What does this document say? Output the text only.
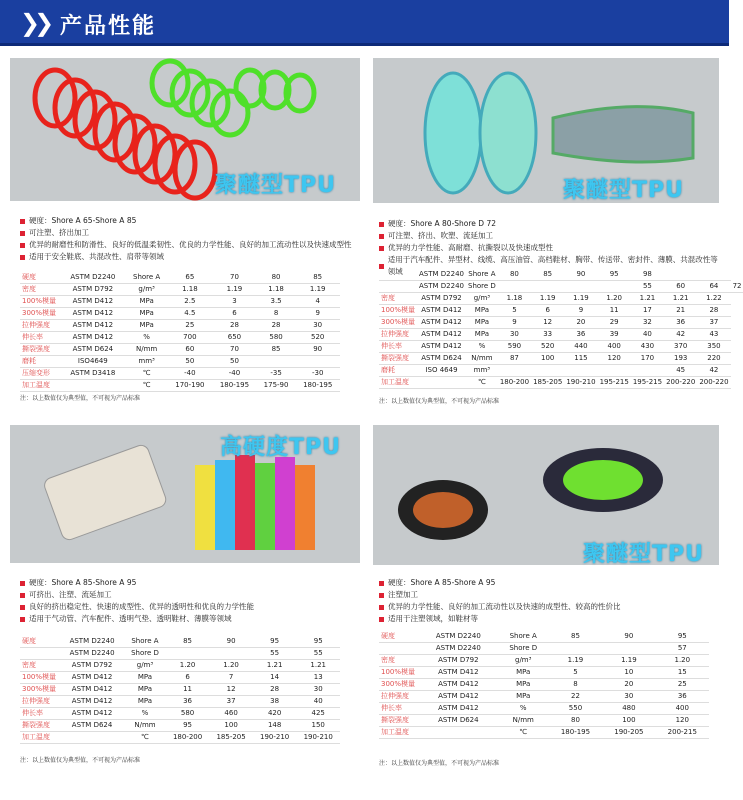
❯❯ 产品性能
聚醚型TPU
硬度：Shore A 65-Shore A 85
可注塑、挤出加工
优异的耐磨性和防滑性、良好的低温柔韧性、优良的力学性能、良好的加工流动性以及快速成型性
适用于安全鞋底、共混改性、肩带等领域
硬度	ASTM D2240	Shore A	65	70	80	85
密度	ASTM D792	g/m³	1.18	1.19	1.18	1.19
100%模量	ASTM D412	MPa	2.5	3	3.5	4
300%模量	ASTM D412	MPa	4.5	6	8	9
拉伸强度	ASTM D412	MPa	25	28	28	30
伸长率	ASTM D412	%	700	650	580	520
撕裂强度	ASTM D624	N/mm	60	70	85	90
磨耗	ISO4649	mm³	50	50		
压缩变形	ASTM D3418	℃	-40	-40	-35	-30
加工温度		℃	170-190	180-195	175-90	180-195
注：以上数值仅为典型值，不可视为产品标准
聚醚型TPU
硬度：Shore A 80-Shore D 72
可注塑、挤出、吹塑、流延加工
优异的力学性能、高耐磨、抗撕裂以及快速成型性
适用于汽车配件、异型材、线缆、高压油管、高档鞋材、胸带、传送带、密封件、薄膜、共混改性等领域
		ASTM D2240	Shore A	80	85	90	95	98			
	ASTM D2240	Shore D					55	60	64	72
密度	ASTM D792	g/m³	1.18	1.19	1.19	1.20	1.21	1.21	1.22	
100%模量	ASTM D412	MPa	5	6	9	11	17	21	28	
300%模量	ASTM D412	MPa	9	12	20	29	32	36	37	
拉伸强度	ASTM D412	MPa	30	33	36	39	40	42	43	
伸长率	ASTM D412	%	590	520	440	400	430	370	350	
撕裂强度	ASTM D624	N/mm	87	100	115	120	170	193	220	
磨耗	ISO 4649	mm³						45	42	
加工温度		℃	180-200	185-205	190-210	195-215	195-215	200-220	200-220	
注：以上数值仅为典型值，不可视为产品标准
高硬度TPU
硬度：Shore A 85-Shore A 95
可挤出、注塑、流延加工
良好的挤出稳定性、快速的成型性、优异的透明性和优良的力学性能
适用于气动管、汽车配件、透明气垫、透明鞋材、薄膜等领域
硬度	ASTM D2240	Shore A	85	90	95	95
	ASTM D2240	Shore D			55	55
密度	ASTM D792	g/m³	1.20	1.20	1.21	1.21
100%模量	ASTM D412	MPa	6	7	14	13
300%模量	ASTM D412	MPa	11	12	28	30
拉伸强度	ASTM D412	MPa	36	37	38	40
伸长率	ASTM D412	%	580	460	420	425
撕裂强度	ASTM D624	N/mm	95	100	148	150
加工温度		℃	180-200	185-205	190-210	190-210
注：以上数值仅为典型值，不可视为产品标准
聚醚型TPU
硬度：Shore A 85-Shore A 95
注塑加工
优异的力学性能、良好的加工流动性以及快速的成型性、较高的性价比
适用于注塑领域，如鞋材等
硬度	ASTM D2240	Shore A	85	90	95
	ASTM D2240	Shore D			57
密度	ASTM D792	g/m³	1.19	1.19	1.20
100%模量	ASTM D412	MPa	5	10	15
300%模量	ASTM D412	MPa	8	20	25
拉伸强度	ASTM D412	MPa	22	30	36
伸长率	ASTM D412	%	550	480	400
撕裂强度	ASTM D624	N/mm	80	100	120
加工温度		℃	180-195	190-205	200-215
注：以上数值仅为典型值，不可视为产品标准
